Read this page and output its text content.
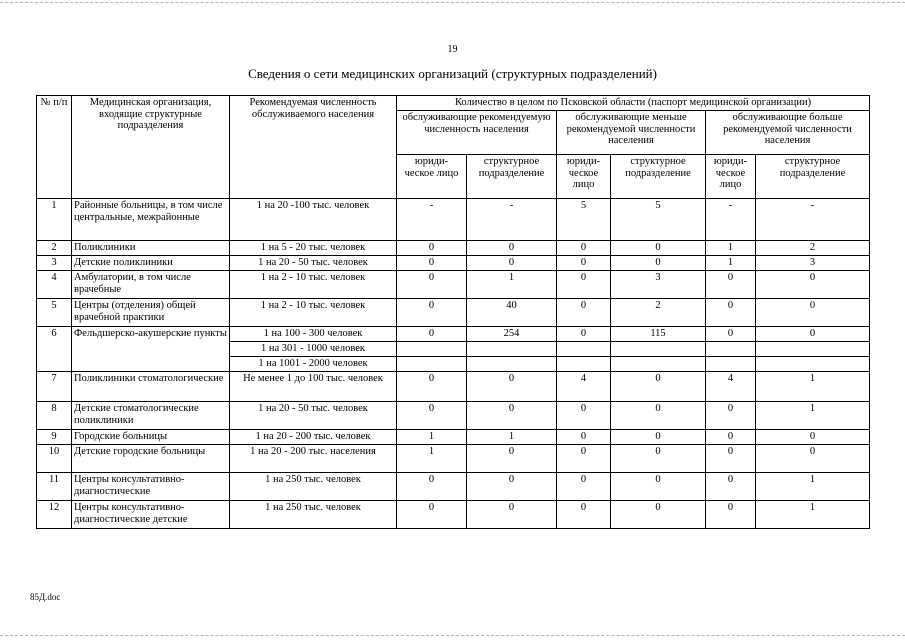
19
Сведения о сети медицинских организаций (структурных подразделений)
№ п/п	Медицинская организация, входящие структурные подразделения	Рекомендуемая численность обслуживаемого населения	Количество в целом по Псковской области (паспорт медицинской организации)					
			обслуживающие рекомендуемую численность населения		обслуживающие меньше рекомендуемой численности населения		обслуживающие больше рекомендуемой численности населения	
			юриди- ческое лицо	структурное подразделение	юриди- ческое лицо	структурное подразделение	юриди- ческое лицо	структурное подразделение
1	Районные больницы, в том числе центральные, межрайонные	1 на 20 -100 тыс. человек	-	-	5	5	-	-
2	Поликлиники	1 на 5 - 20 тыс. человек	0	0	0	0	1	2
3	Детские поликлиники	1 на 20 - 50 тыс. человек	0	0	0	0	1	3
4	Амбулатории, в том числе врачебные	1 на 2 - 10 тыс. человек	0	1	0	3	0	0
5	Центры (отделения) общей врачебной практики	1 на 2 - 10 тыс. человек	0	40	0	2	0	0
6	Фельдшерско-акушерские пункты	1 на 100 - 300 человек	0	254	0	115	0	0
		1 на 301 - 1000 человек						
		1 на 1001 - 2000 человек						
7	Поликлиники стоматологические	Не менее 1 до 100 тыс. человек	0	0	4	0	4	1
8	Детские стоматологические поликлиники	1 на 20 - 50 тыс. человек	0	0	0	0	0	1
9	Городские больницы	1 на 20 - 200 тыс. человек	1	1	0	0	0	0
10	Детские городские больницы	1 на 20 - 200 тыс. населения	1	0	0	0	0	0
11	Центры консультативно-диагностические	1 на 250 тыс. человек	0	0	0	0	0	1
12	Центры консультативно-диагностические детские	1 на 250 тыс. человек	0	0	0	0	0	1
85Д.doc
